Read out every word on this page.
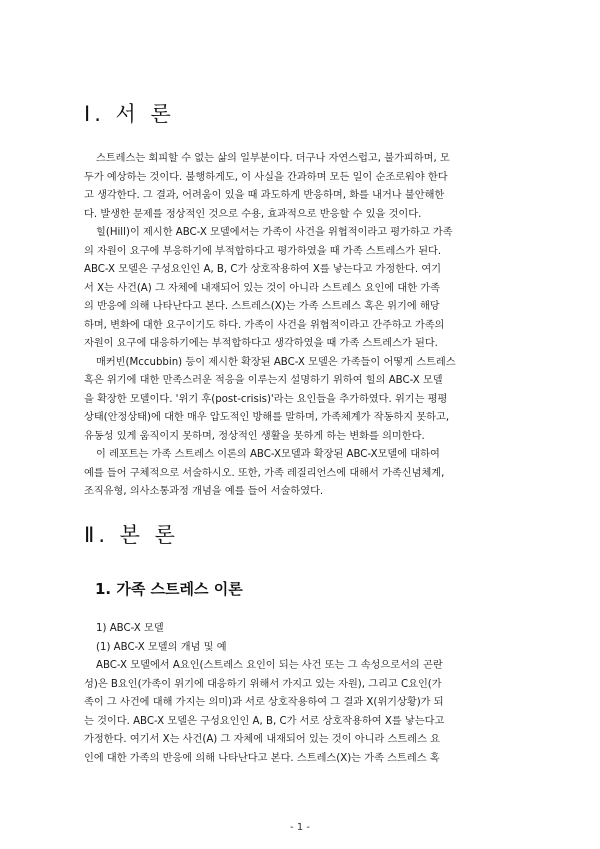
Ⅰ. 서 론

스트레스는 회피할 수 없는 삶의 일부분이다. 더구나 자연스럽고, 불가피하며, 모

두가 예상하는 것이다. 불행하게도, 이 사실을 간과하며 모든 일이 순조로워야 한다

고 생각한다. 그 결과, 어려움이 있을 때 과도하게 반응하며, 화를 내거나 불안해한

다. 발생한 문제를 정상적인 것으로 수용, 효과적으로 반응할 수 있을 것이다.

힐(Hill)이 제시한 ABC-X 모델에서는 가족이 사건을 위협적이라고 평가하고 가족

의 자원이 요구에 부응하기에 부적합하다고 평가하였을 때 가족 스트레스가 된다.

ABC-X 모델은 구성요인인 A, B, C가 상호작용하여 X를 낳는다고 가정한다. 여기

서 X는 사건(A) 그 자체에 내재되어 있는 것이 아니라 스트레스 요인에 대한 가족

의 반응에 의해 나타난다고 본다. 스트레스(X)는 가족 스트레스 혹은 위기에 해당

하며, 변화에 대한 요구이기도 하다. 가족이 사건을 위협적이라고 간주하고 가족의

자원이 요구에 대응하기에는 부적합하다고 생각하였을 때 가족 스트레스가 된다.

매커빈(Mccubbin) 등이 제시한 확장된 ABC-X 모델은 가족들이 어떻게 스트레스

혹은 위기에 대한 만족스러운 적응을 이루는지 설명하기 위하여 힐의 ABC-X 모델

을 확장한 모델이다. '위기 후(post-crisis)'라는 요인들을 추가하였다. 위기는 평평

상태(안정상태)에 대한 매우 압도적인 방해를 말하며, 가족체계가 작동하지 못하고,

유동성 있게 움직이지 못하며, 정상적인 생활을 못하게 하는 변화를 의미한다.

이 레포트는 가족 스트레스 이론의 ABC-X모델과 확장된 ABC-X모델에 대하여

예를 들어 구체적으로 서술하시오. 또한, 가족 레질리언스에 대해서 가족신념체계,

조직유형, 의사소통과정 개념을 예를 들어 서술하였다.

Ⅱ. 본 론
1. 가족 스트레스 이론

1) ABC-X 모델

(1) ABC-X 모델의 개념 및 예

ABC-X 모델에서 A요인(스트레스 요인이 되는 사건 또는 그 속성으로서의 곤란

성)은 B요인(가족이 위기에 대응하기 위해서 가지고 있는 자원), 그리고 C요인(가

족이 그 사건에 대해 가지는 의미)과 서로 상호작용하여 그 결과 X(위기상황)가 되

는 것이다. ABC-X 모델은 구성요인인 A, B, C가 서로 상호작용하여 X를 낳는다고

가정한다. 여기서 X는 사건(A) 그 자체에 내재되어 있는 것이 아니라 스트레스 요

인에 대한 가족의 반응에 의해 나타난다고 본다. 스트레스(X)는 가족 스트레스 혹

- 1 -
